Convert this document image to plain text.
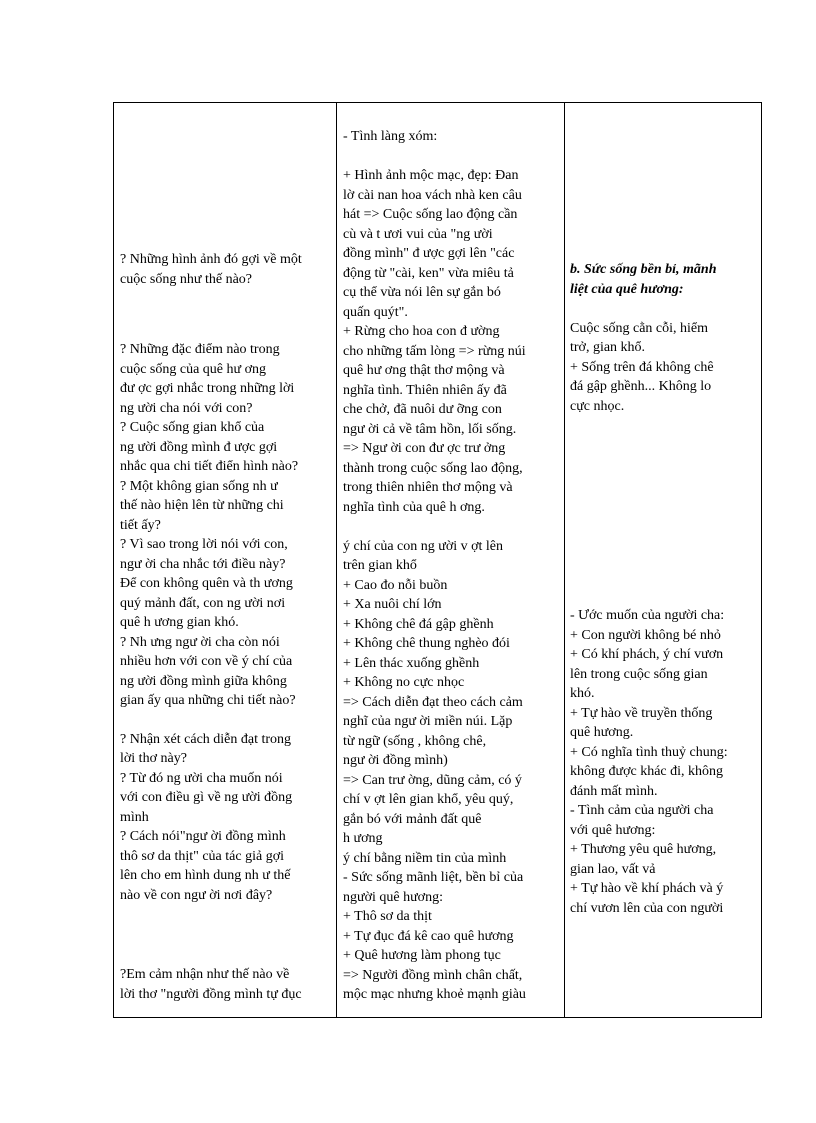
? Những hình ảnh đó gợi về một
cuộc sống như thế nào?
? Những đặc điểm nào trong
cuộc sống của quê hư ơng
đư ợc gợi nhắc trong những lời
ng ười cha nói với con?
? Cuộc sống gian khổ của
ng ười đồng mình đ ược gợi
nhắc qua chi tiết điển hình nào?
? Một không gian sống nh ư
thế nào hiện lên từ những chi
tiết ấy?
? Vì sao trong lời nói với con,
ngư ời cha nhắc tới điều này?
Để con không quên và th ương
quý mảnh đất, con ng ười nơi
quê h ương gian khó.
? Nh ưng ngư ời cha còn nói
nhiều hơn với con về ý chí của
ng ười đồng mình giữa không
gian ấy qua những chi tiết nào?
? Nhận xét cách diễn đạt trong
lời thơ này?
? Từ đó ng ười cha muốn nói
với con điều gì về ng ười đồng
mình
? Cách nói"ngư ời đồng mình
thô sơ da thịt" của tác giả gợi
lên cho em hình dung nh ư thế
nào về con ngư ời nơi đây?
?Em cảm nhận như thế nào về
lời thơ "người đồng mình tự đục
- Tình làng xóm:
+ Hình ảnh mộc mạc, đẹp: Đan
lờ cài nan hoa vách nhà ken câu
hát => Cuộc sống lao động cần
cù và t ươi vui của "ng ười
đồng mình" đ ược gợi lên "các
động từ "cài, ken" vừa miêu tả
cụ thể vừa nói lên sự gắn bó
quấn quýt".
+ Rừng cho hoa con đ ường
cho những tấm lòng => rừng núi
quê hư ơng thật thơ mộng và
nghĩa tình. Thiên nhiên ấy đã
che chở, đã nuôi dư ỡng con
ngư ời cả về tâm hồn, lối sống.
=> Ngư ời con đư ợc trư ởng
thành trong cuộc sống lao động,
trong thiên nhiên thơ mộng và
nghĩa tình của quê h ơng.
ý chí của con ng ười v ợt lên
trên gian khổ
+ Cao đo nỗi buồn
+ Xa nuôi chí lớn
+ Không chê đá gập ghềnh
+ Không chê thung nghèo đói
+ Lên thác xuống ghềnh
+ Không no cực nhọc
=> Cách diễn đạt theo cách cảm
nghĩ của ngư ời miền núi. Lặp
từ ngữ (sống , không chê,
ngư ời đồng mình)
=> Can trư ờng, dũng cảm, có ý
chí v ợt lên gian khổ, yêu quý,
gắn bó với mảnh đất quê
h ương
ý chí bằng niềm tin của mình
- Sức sống mãnh liệt, bền bỉ của
người quê hương:
+ Thô sơ da thịt
+ Tự đục đá kê cao quê hương
+ Quê hương làm phong tục
=> Người đồng mình chân chất,
mộc mạc nhưng khoẻ mạnh giàu
b. Sức sống bền bỉ, mãnh
liệt của quê hương:
Cuộc sống cằn cỗi, hiểm
trở, gian khổ.
+ Sống trên đá không chê
đá gập ghềnh... Không lo
cực nhọc.
- Ước muốn của người cha:
+ Con người không bé nhỏ
+ Có khí phách, ý chí vươn
lên trong cuộc sống gian
khó.
+ Tự hào về truyền thống
quê hương.
+ Có nghĩa tình thuỷ chung:
không được khác đi, không
đánh mất mình.
- Tình cảm của người cha
với quê hương:
+ Thương yêu quê hương,
gian lao, vất vả
+ Tự hào về khí phách và ý
chí vươn lên của con người
